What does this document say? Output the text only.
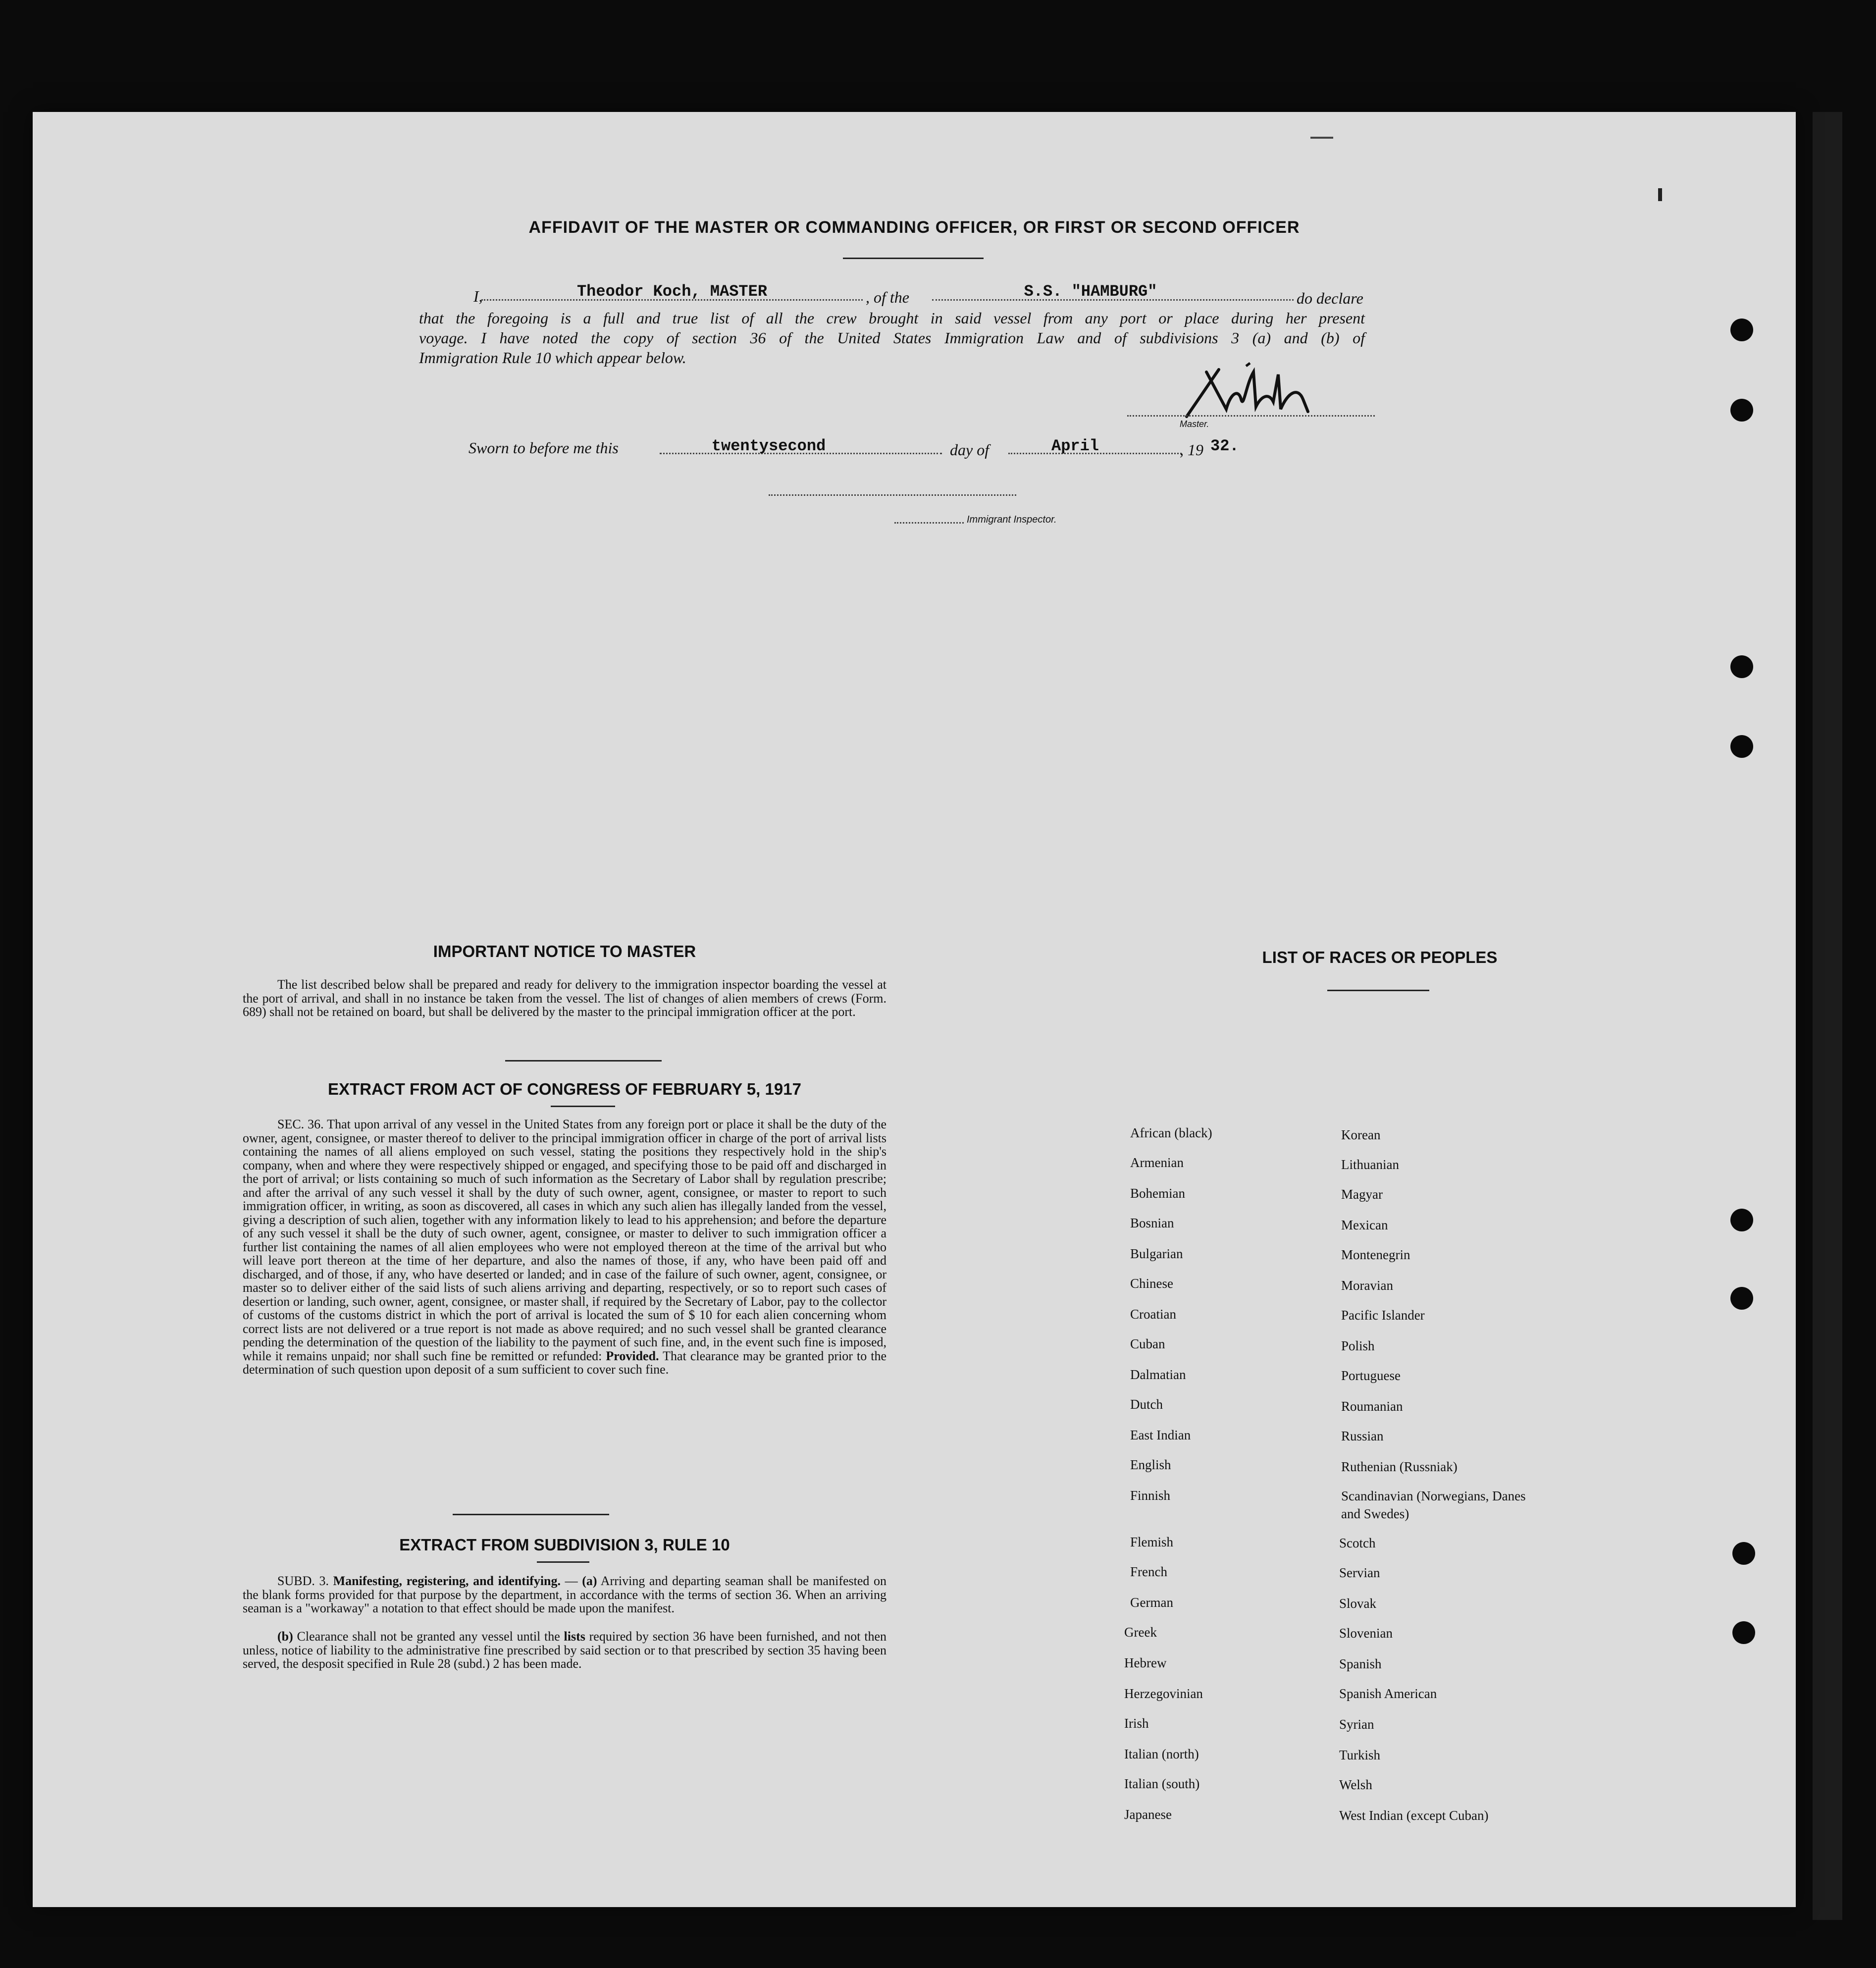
AFFIDAVIT OF THE MASTER OR COMMANDING OFFICER, OR FIRST OR SECOND OFFICER
I,	Theodor Koch, MASTER	, of the	S.S. "HAMBURG"	do declare
that the foregoing is a full and true list of all the crew brought in said vessel from any port or place during her present
voyage. I have noted the copy of section 36 of the United States Immigration Law and of subdivisions 3 (a) and (b) of
Immigration Rule 10 which appear below.
Master.
Sworn to before me this	twentysecond	day of	April	, 19 32.
Immigrant Inspector.
IMPORTANT NOTICE TO MASTER
The list described below shall be prepared and ready for delivery to the immigration inspector boarding the vessel at the port of arrival, and shall in no instance be taken from the vessel. The list of changes of alien members of crews (Form. 689) shall not be retained on board, but shall be delivered by the master to the principal immigration officer at the port.
EXTRACT FROM ACT OF CONGRESS OF FEBRUARY 5, 1917
SEC. 36. That upon arrival of any vessel in the United States from any foreign port or place it shall be the duty of the owner, agent, consignee, or master thereof to deliver to the principal immigration officer in charge of the port of arrival lists containing the names of all aliens employed on such vessel, stating the positions they respectively hold in the ship's company, when and where they were respectively shipped or engaged, and specifying those to be paid off and discharged in the port of arrival; or lists containing so much of such information as the Secretary of Labor shall by regulation prescribe; and after the arrival of any such vessel it shall by the duty of such owner, agent, consignee, or master to report to such immigration officer, in writing, as soon as discovered, all cases in which any such alien has illegally landed from the vessel, giving a description of such alien, together with any information likely to lead to his apprehension; and before the departure of any such vessel it shall be the duty of such owner, agent, consignee, or master to deliver to such immigration officer a further list containing the names of all alien employees who were not employed thereon at the time of the arrival but who will leave port thereon at the time of her departure, and also the names of those, if any, who have been paid off and discharged, and of those, if any, who have deserted or landed; and in case of the failure of such owner, agent, consignee, or master so to deliver either of the said lists of such aliens arriving and departing, respectively, or so to report such cases of desertion or landing, such owner, agent, consignee, or master shall, if required by the Secretary of Labor, pay to the collector of customs of the customs district in which the port of arrival is located the sum of $ 10 for each alien concerning whom correct lists are not delivered or a true report is not made as above required; and no such vessel shall be granted clearance pending the determination of the question of the liability to the payment of such fine, and, in the event such fine is imposed, while it remains unpaid; nor shall such fine be remitted or refunded: Provided. That clearance may be granted prior to the determination of such question upon deposit of a sum sufficient to cover such fine.
EXTRACT FROM SUBDIVISION 3, RULE 10
SUBD. 3. Manifesting, registering, and identifying. — (a) Arriving and departing seaman shall be manifested on the blank forms provided for that purpose by the department, in accordance with the terms of section 36. When an arriving seaman is a "workaway" a notation to that effect should be made upon the manifest.
(b) Clearance shall not be granted any vessel until the lists required by section 36 have been furnished, and not then unless, notice of liability to the administrative fine prescribed by said section or to that prescribed by section 35 having been served, the desposit specified in Rule 28 (subd.) 2 has been made.
LIST OF RACES OR PEOPLES
African (black)
Armenian
Bohemian
Bosnian
Bulgarian
Chinese
Croatian
Cuban
Dalmatian
Dutch
East Indian
English
Finnish
Flemish
French
German
Greek
Hebrew
Herzegovinian
Irish
Italian (north)
Italian (south)
Japanese
Korean
Lithuanian
Magyar
Mexican
Montenegrin
Moravian
Pacific Islander
Polish
Portuguese
Roumanian
Russian
Ruthenian (Russniak)
Scandinavian (Norwegians, Danes and Swedes)
Scotch
Servian
Slovak
Slovenian
Spanish
Spanish American
Syrian
Turkish
Welsh
West Indian (except Cuban)
